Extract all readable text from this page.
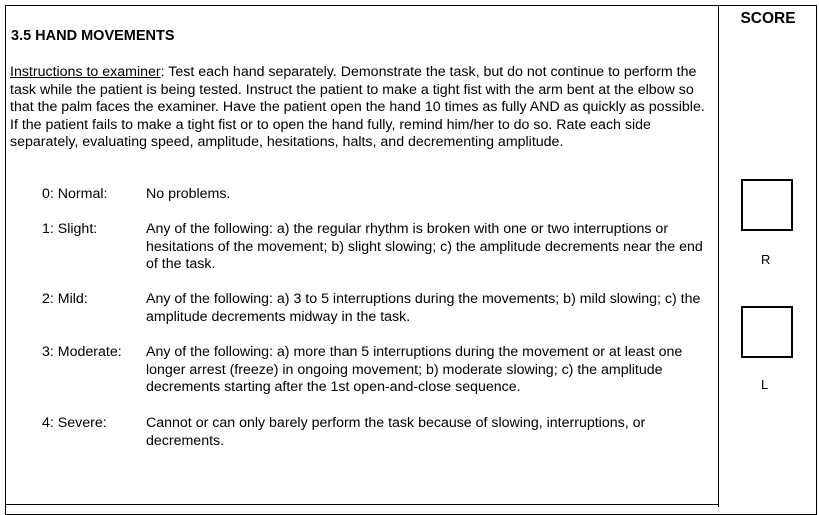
SCORE
3.5 HAND MOVEMENTS
Instructions to examiner: Test each hand separately. Demonstrate the task, but do not continue to perform the task while the patient is being tested. Instruct the patient to make a tight fist with the arm bent at the elbow so that the palm faces the examiner. Have the patient open the hand 10 times as fully AND as quickly as possible. If the patient fails to make a tight fist or to open the hand fully, remind him/her to do so. Rate each side separately, evaluating speed, amplitude, hesitations, halts, and decrementing amplitude.
0: Normal:	No problems.
1: Slight:	Any of the following: a) the regular rhythm is broken with one or two interruptions or hesitations of the movement; b) slight slowing; c) the amplitude decrements near the end of the task.
2: Mild:	Any of the following: a) 3 to 5 interruptions during the movements; b) mild slowing; c) the amplitude decrements midway in the task.
3: Moderate: Any of the following: a) more than 5 interruptions during the movement or at least one longer arrest (freeze) in ongoing movement; b) moderate slowing; c) the amplitude decrements starting after the 1st open-and-close sequence.
4: Severe:	Cannot or can only barely perform the task because of slowing, interruptions, or decrements.
R
L
